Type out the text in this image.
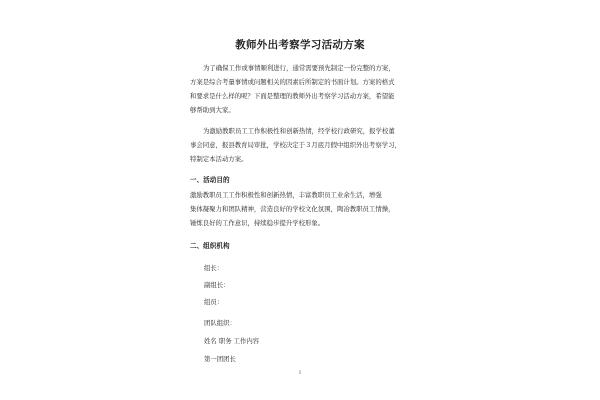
教师外出考察学习活动方案
为了确保工作或事情顺利进行，通常需要预先制定一份完整的方案，
方案是综合考量事情或问题相关的因素后所制定的书面计划。方案的格式
和要求是什么样的呢？下面是整理的教师外出考察学习活动方案，希望能
够帮助到大家。
为激励教职员工工作积极性和创新热情，经学校行政研究，报学校董
事会同意，报县教育局审批，学校决定于３月底月假中组织外出考察学习，
特制定本活动方案。
一、活动目的
激励教职员工工作积极性和创新热情，丰富教职员工业余生活，增强
集体凝聚力和团队精神，营造良好的学校文化氛围，陶冶教职员工情操，
锤炼良好的工作意识，持续稳步提升学校形象。
二、组织机构
组长：
副组长：
组员：
团队组织：
姓名 职务 工作内容
第一团团长
1
